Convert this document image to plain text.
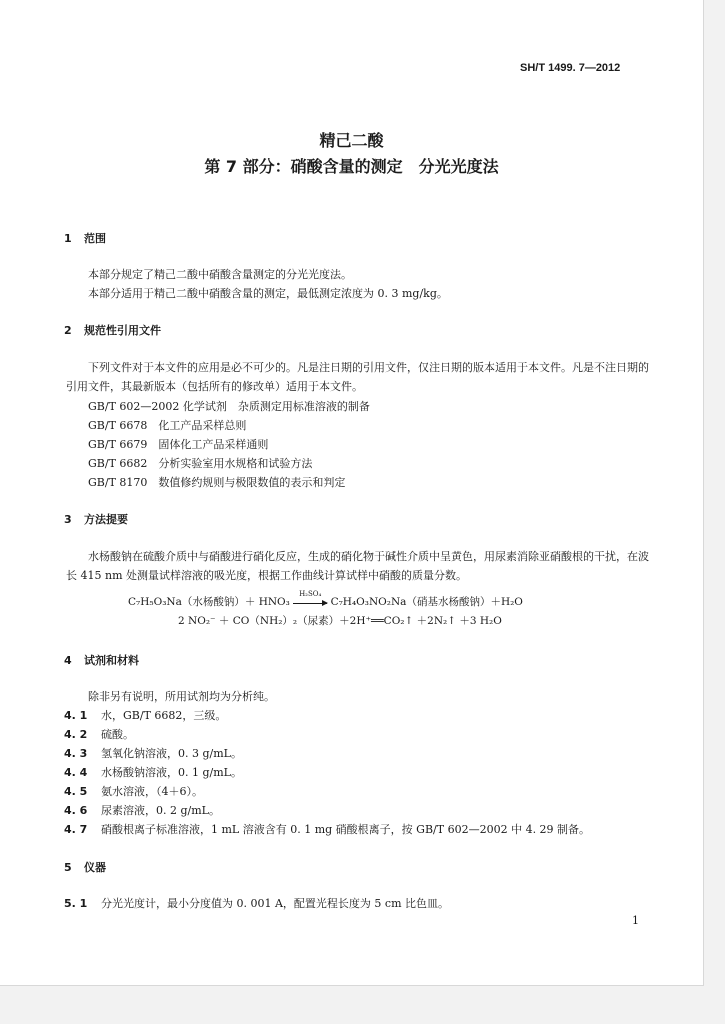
SH/T 1499. 7—2012
精己二酸
第 7 部分：硝酸含量的测定　分光光度法
1 范围
本部分规定了精己二酸中硝酸含量测定的分光光度法。
本部分适用于精己二酸中硝酸含量的测定，最低测定浓度为 0. 3 mg/kg。
2 规范性引用文件
下列文件对于本文件的应用是必不可少的。凡是注日期的引用文件，仅注日期的版本适用于本文件。凡是不注日期的引用文件，其最新版本（包括所有的修改单）适用于本文件。
GB/T 602—2002 化学试剂　杂质测定用标准溶液的制备
GB/T 6678　化工产品采样总则
GB/T 6679　固体化工产品采样通则
GB/T 6682　分析实验室用水规格和试验方法
GB/T 8170　数值修约规则与极限数值的表示和判定
3 方法提要
水杨酸钠在硫酸介质中与硝酸进行硝化反应，生成的硝化物于碱性介质中呈黄色，用尿素消除亚硝酸根的干扰，在波长 415 nm 处测量试样溶液的吸光度，根据工作曲线计算试样中硝酸的质量分数。
C₇H₅O₃Na（水杨酸钠）＋ HNO₃
H₂SO₄
C₇H₄O₃NO₂Na（硝基水杨酸钠）＋H₂O
2 NO₂⁻ ＋ CO（NH₂）₂（尿素）＋2H⁺══CO₂↑ ＋2N₂↑ ＋3 H₂O
4 试剂和材料
除非另有说明，所用试剂均为分析纯。
4. 1 水，GB/T 6682，三级。
4. 2 硫酸。
4. 3 氢氧化钠溶液，0. 3 g/mL。
4. 4 水杨酸钠溶液，0. 1 g/mL。
4. 5 氨水溶液，（4＋6）。
4. 6 尿素溶液，0. 2 g/mL。
4. 7 硝酸根离子标准溶液，1 mL 溶液含有 0. 1 mg 硝酸根离子，按 GB/T 602—2002 中 4. 29 制备。
5 仪器
5. 1 分光光度计，最小分度值为 0. 001 A，配置光程长度为 5 cm 比色皿。
1
